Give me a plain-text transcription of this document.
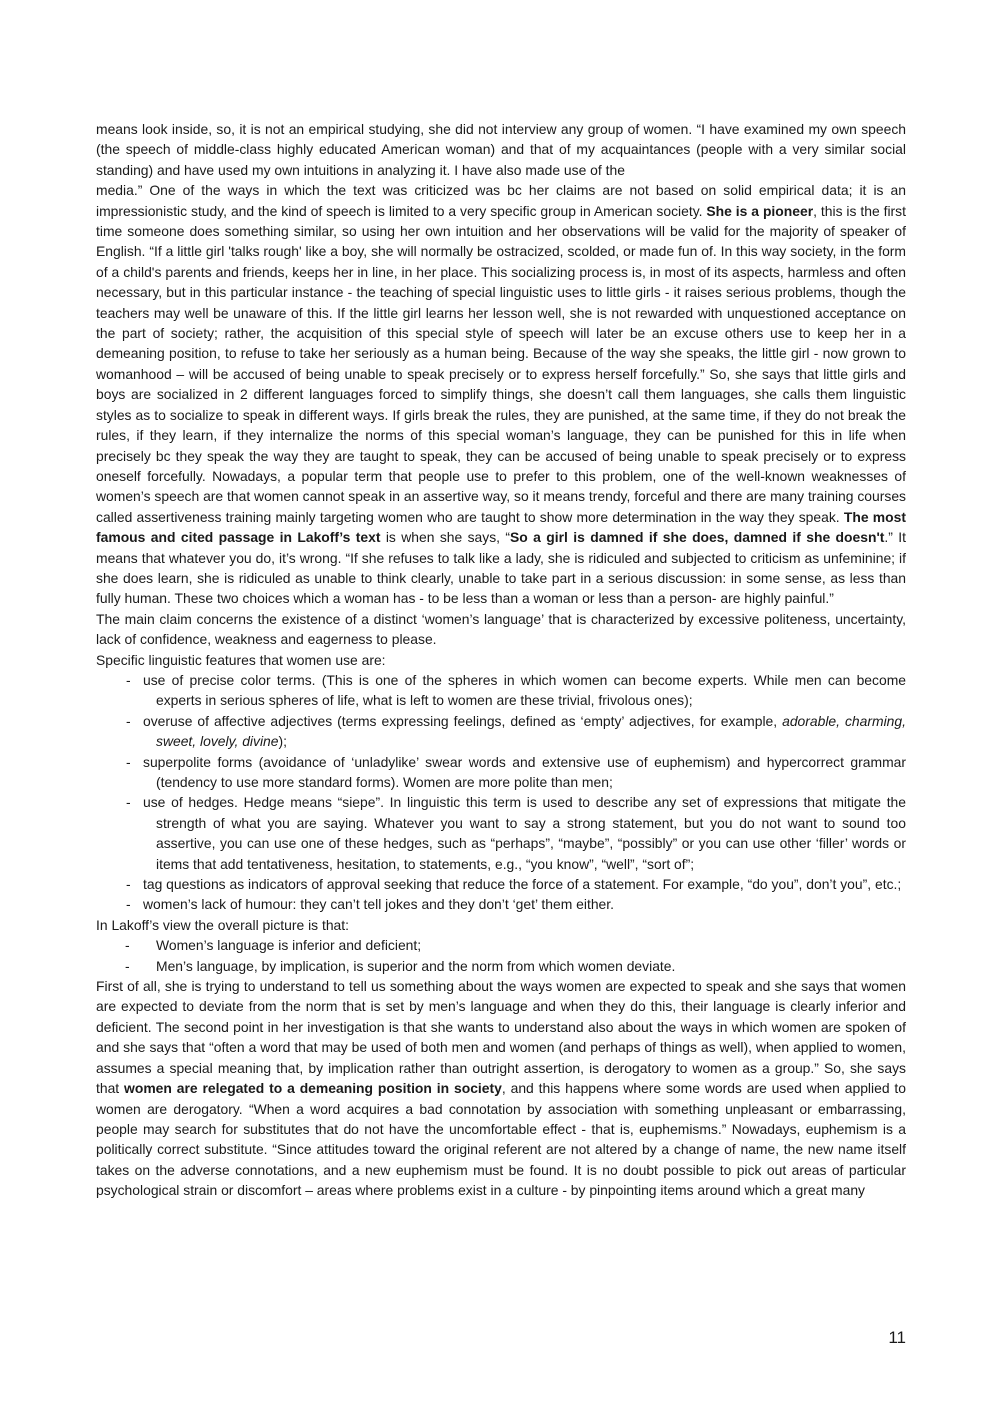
means look inside, so, it is not an empirical studying, she did not interview any group of women. “I have examined my own speech (the speech of middle-class highly educated American woman) and that of my acquaintances (people with a very similar social standing) and have used my own intuitions in analyzing it. I have also made use of the

media.” One of the ways in which the text was criticized was bc her claims are not based on solid empirical data; it is an impressionistic study, and the kind of speech is limited to a very specific group in American society. She is a pioneer, this is the first time someone does something similar, so using her own intuition and her observations will be valid for the majority of speaker of English. “If a little girl 'talks rough' like a boy, she will normally be ostracized, scolded, or made fun of. In this way society, in the form of a child's parents and friends, keeps her in line, in her place. This socializing process is, in most of its aspects, harmless and often necessary, but in this particular instance - the teaching of special linguistic uses to little girls - it raises serious problems, though the teachers may well be unaware of this. If the little girl learns her lesson well, she is not rewarded with unquestioned acceptance on the part of society; rather, the acquisition of this special style of speech will later be an excuse others use to keep her in a demeaning position, to refuse to take her seriously as a human being. Because of the way she speaks, the little girl - now grown to womanhood – will be accused of being unable to speak precisely or to express herself forcefully.” So, she says that little girls and boys are socialized in 2 different languages forced to simplify things, she doesn’t call them languages, she calls them linguistic styles as to socialize to speak in different ways. If girls break the rules, they are punished, at the same time, if they do not break the rules, if they learn, if they internalize the norms of this special woman’s language, they can be punished for this in life when precisely bc they speak the way they are taught to speak, they can be accused of being unable to speak precisely or to express oneself forcefully. Nowadays, a popular term that people use to prefer to this problem, one of the well-known weaknesses of women’s speech are that women cannot speak in an assertive way, so it means trendy, forceful and there are many training courses called assertiveness training mainly targeting women who are taught to show more determination in the way they speak. The most famous and cited passage in Lakoff’s text is when she says, “So a girl is damned if she does, damned if she doesn't.” It means that whatever you do, it’s wrong. “If she refuses to talk like a lady, she is ridiculed and subjected to criticism as unfeminine; if she does learn, she is ridiculed as unable to think clearly, unable to take part in a serious discussion: in some sense, as less than fully human. These two choices which a woman has - to be less than a woman or less than a person- are highly painful.”

The main claim concerns the existence of a distinct ‘women’s language’ that is characterized by excessive politeness, uncertainty, lack of confidence, weakness and eagerness to please.

Specific linguistic features that women use are:

- use of precise color terms. (This is one of the spheres in which women can become experts. While men can become experts in serious spheres of life, what is left to women are these trivial, frivolous ones);
- overuse of affective adjectives (terms expressing feelings, defined as ‘empty’ adjectives, for example, adorable, charming, sweet, lovely, divine);
- superpolite forms (avoidance of ‘unladylike’ swear words and extensive use of euphemism) and hypercorrect grammar (tendency to use more standard forms). Women are more polite than men;
- use of hedges. Hedge means “siepe”. In linguistic this term is used to describe any set of expressions that mitigate the strength of what you are saying. Whatever you want to say a strong statement, but you do not want to sound too assertive, you can use one of these hedges, such as “perhaps”, “maybe”, “possibly” or you can use other ‘filler’ words or items that add tentativeness, hesitation, to statements, e.g., “you know”, “well”, “sort of”;
- tag questions as indicators of approval seeking that reduce the force of a statement. For example, “do you”, don’t you”, etc.;
- women’s lack of humour: they can’t tell jokes and they don’t ‘get’ them either.

In Lakoff’s view the overall picture is that:

- Women’s language is inferior and deficient;
- Men’s language, by implication, is superior and the norm from which women deviate.

First of all, she is trying to understand to tell us something about the ways women are expected to speak and she says that women are expected to deviate from the norm that is set by men’s language and when they do this, their language is clearly inferior and deficient. The second point in her investigation is that she wants to understand also about the ways in which women are spoken of and she says that “often a word that may be used of both men and women (and perhaps of things as well), when applied to women, assumes a special meaning that, by implication rather than outright assertion, is derogatory to women as a group.” So, she says that women are relegated to a demeaning position in society, and this happens where some words are used when applied to women are derogatory. “When a word acquires a bad connotation by association with something unpleasant or embarrassing, people may search for substitutes that do not have the uncomfortable effect - that is, euphemisms.” Nowadays, euphemism is a politically correct substitute. “Since attitudes toward the original referent are not altered by a change of name, the new name itself takes on the adverse connotations, and a new euphemism must be found. It is no doubt possible to pick out areas of particular psychological strain or discomfort – areas where problems exist in a culture - by pinpointing items around which a great many

11
